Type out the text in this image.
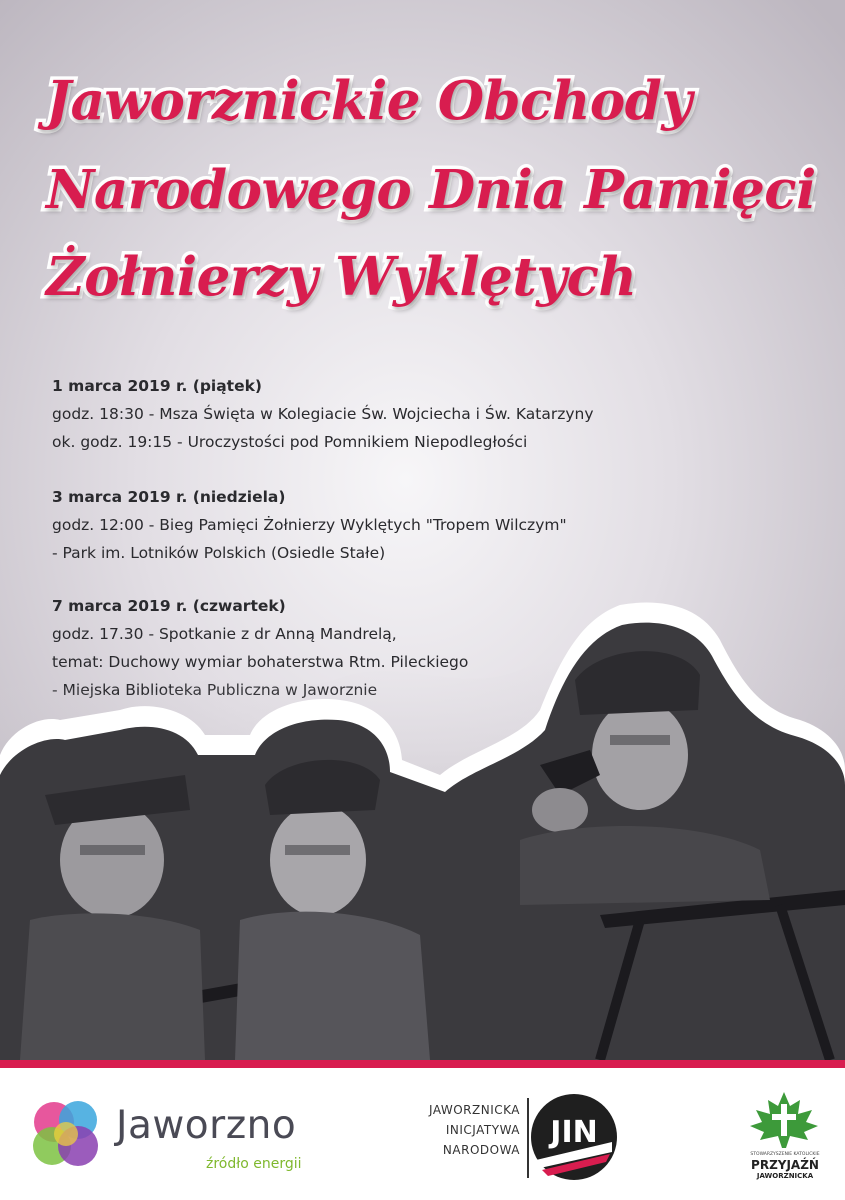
Jaworznickie Obchody
Narodowego Dnia Pamięci
Żołnierzy Wyklętych
1 marca 2019 r. (piątek)
godz. 18:30 - Msza Święta w Kolegiacie Św. Wojciecha i Św. Katarzyny
ok. godz. 19:15 - Uroczystości pod Pomnikiem Niepodległości
3 marca 2019 r. (niedziela)
godz. 12:00 - Bieg Pamięci Żołnierzy Wyklętych "Tropem Wilczym"
- Park im. Lotników Polskich (Osiedle Stałe)
7 marca 2019 r. (czwartek)
godz. 17.30 - Spotkanie z dr Anną Mandrelą,
temat: Duchowy wymiar bohaterstwa Rtm. Pileckiego
Jaworzno
źródło energii
JAWORZNICKA
INICJATYWA
NARODOWA JIN
STOWARZYSZENIE KATOLICKIE
PRZYJAŹŃ
JAWORZNICKA
